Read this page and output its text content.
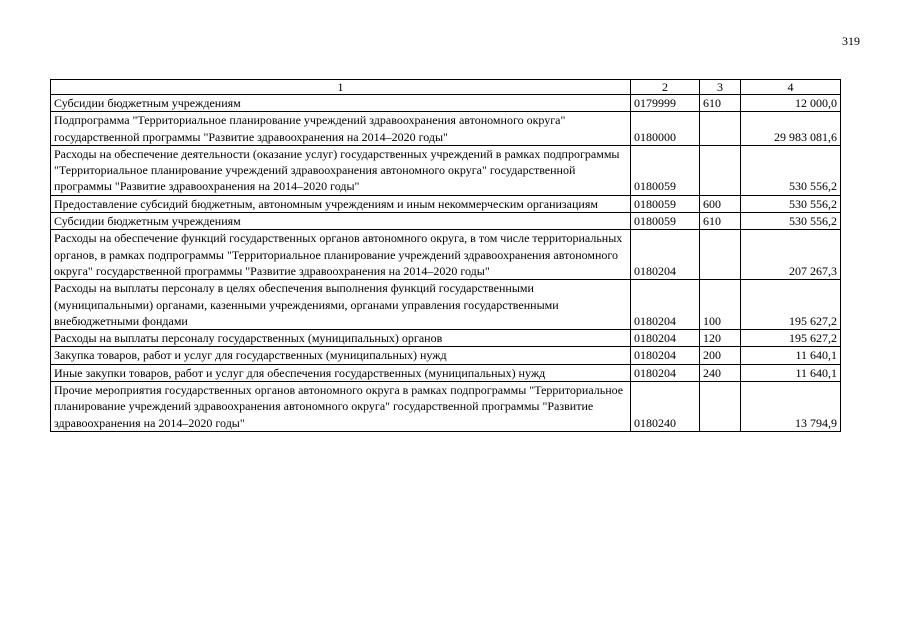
319
1	2	3	4
Субсидии бюджетным учреждениям	0179999	610	12 000,0
Подпрограмма "Территориальное планирование учреждений здравоохранения автономного округа" государственной программы "Развитие здравоохранения на 2014–2020 годы"	0180000		29 983 081,6
Расходы на обеспечение деятельности (оказание услуг) государственных учреждений в рамках подпрограммы "Территориальное планирование учреждений здравоохранения автономного округа" государственной программы "Развитие здравоохранения на 2014–2020 годы"	0180059		530 556,2
Предоставление субсидий бюджетным, автономным учреждениям и иным некоммерческим организациям	0180059	600	530 556,2
Субсидии бюджетным учреждениям	0180059	610	530 556,2
Расходы на обеспечение функций государственных органов автономного округа, в том числе территориальных органов, в рамках подпрограммы "Территориальное планирование учреждений здравоохранения автономного округа" государственной программы "Развитие здравоохранения на 2014–2020 годы"	0180204		207 267,3
Расходы на выплаты персоналу в целях обеспечения выполнения функций государственными (муниципальными) органами, казенными учреждениями, органами управления государственными внебюджетными фондами	0180204	100	195 627,2
Расходы на выплаты персоналу государственных (муниципальных) органов	0180204	120	195 627,2
Закупка товаров, работ и услуг для государственных (муниципальных) нужд	0180204	200	11 640,1
Иные закупки товаров, работ и услуг для обеспечения государственных (муниципальных) нужд	0180204	240	11 640,1
Прочие мероприятия государственных органов автономного округа в рамках подпрограммы "Территориальное планирование учреждений здравоохранения автономного округа" государственной программы "Развитие здравоохранения на 2014–2020 годы"	0180240		13 794,9
